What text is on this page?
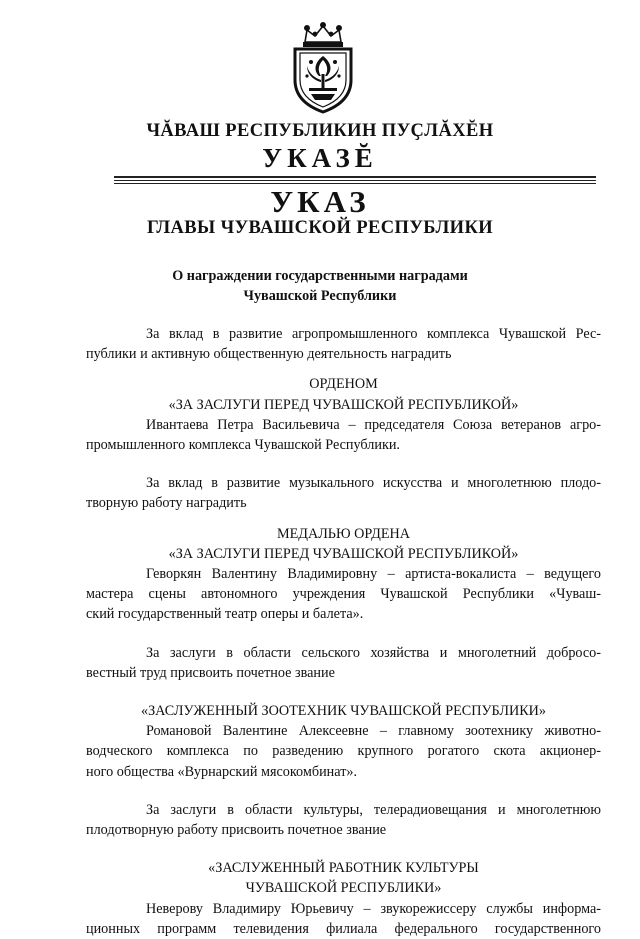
ЧĂВАШ РЕСПУБЛИКИН ПУҪЛĂХĔН
УКАЗĔ
УКАЗ
ГЛАВЫ ЧУВАШСКОЙ РЕСПУБЛИКИ
О награждении государственными наградами
Чувашской Республики
За вклад в развитие агропромышленного комплекса Чувашской Рес-
публики и активную общественную деятельность наградить
ОРДЕНОМ
«ЗА ЗАСЛУГИ ПЕРЕД ЧУВАШСКОЙ РЕСПУБЛИКОЙ»
Ивантаева Петра Васильевича – председателя Союза ветеранов агро-
промышленного комплекса Чувашской Республики.
За вклад в развитие музыкального искусства и многолетнюю плодо-
творную работу наградить
МЕДАЛЬЮ ОРДЕНА
«ЗА ЗАСЛУГИ ПЕРЕД ЧУВАШСКОЙ РЕСПУБЛИКОЙ»
Геворкян Валентину Владимировну – артиста-вокалиста – ведущего
мастера сцены автономного учреждения Чувашской Республики «Чуваш-
ский государственный театр оперы и балета».
За заслуги в области сельского хозяйства и многолетний добросо-
вестный труд присвоить почетное звание
«ЗАСЛУЖЕННЫЙ ЗООТЕХНИК ЧУВАШСКОЙ РЕСПУБЛИКИ»
Романовой Валентине Алексеевне – главному зоотехнику животно-
водческого комплекса по разведению крупного рогатого скота акционер-
ного общества «Вурнарский мясокомбинат».
За заслуги в области культуры, телерадиовещания и многолетнюю
плодотворную работу присвоить почетное звание
«ЗАСЛУЖЕННЫЙ РАБОТНИК КУЛЬТУРЫ
ЧУВАШСКОЙ РЕСПУБЛИКИ»
Неверову Владимиру Юрьевичу – звукорежиссеру службы информа-
ционных программ телевидения филиала федерального государственного
